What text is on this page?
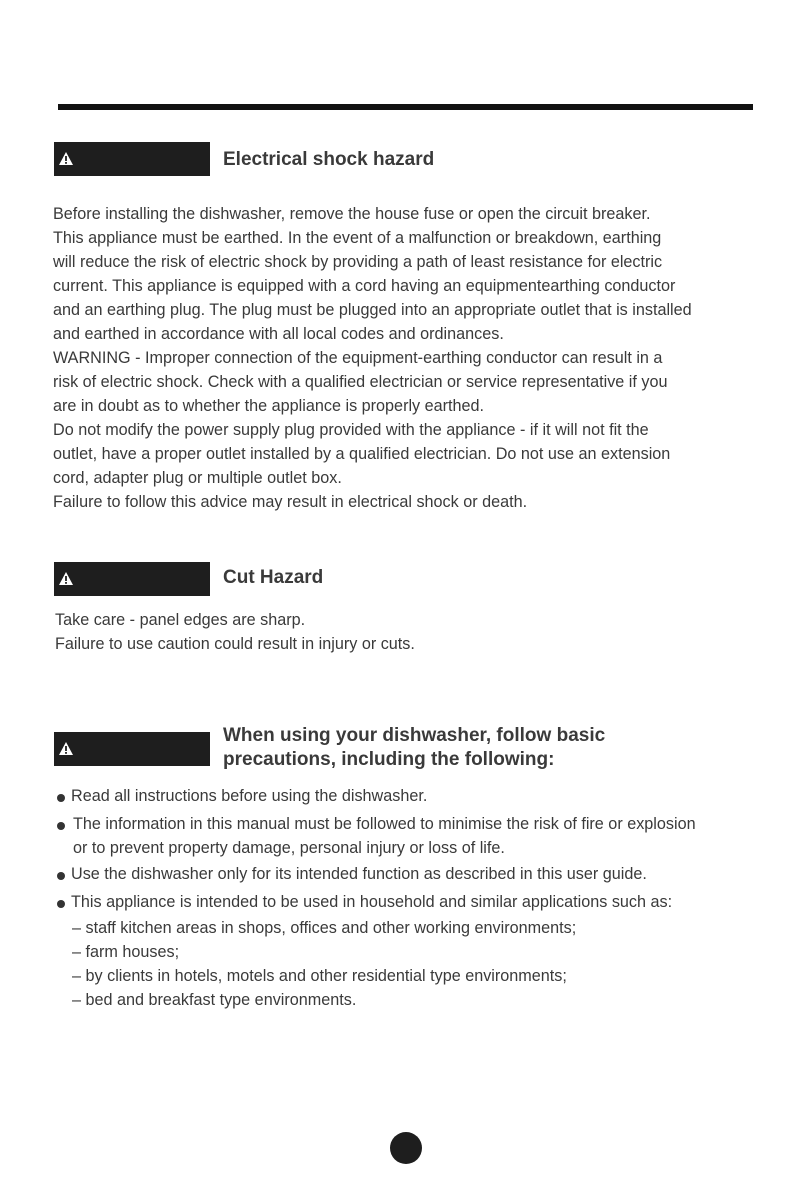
Electrical shock hazard
Before installing the dishwasher, remove the house fuse or open the circuit breaker.
This appliance must be earthed. In the event of a malfunction or breakdown, earthing
will reduce the risk of electric shock by providing a path of least resistance for electric
current. This appliance is equipped with a cord having an equipmentearthing conductor
and an earthing plug. The plug must be plugged into an appropriate outlet that is installed
and earthed in accordance with all local codes and ordinances.
WARNING - Improper connection of the equipment-earthing conductor can result in a
risk of electric shock. Check with a qualified electrician or service representative if you
are in doubt as to whether the appliance is properly earthed.
Do not modify the power supply plug provided with the appliance - if it will not fit the
outlet, have a proper outlet installed by a qualified electrician. Do not use an extension
cord, adapter plug or multiple outlet box.
Failure to follow this advice may result in electrical shock or death.
Cut Hazard
Take care - panel edges are sharp.
Failure to use caution could result in injury or cuts.
When using your dishwasher, follow basic
precautions, including the following:
Read all instructions before using the dishwasher.
The information in this manual must be followed to minimise the risk of fire or explosion
or to prevent property damage, personal injury or loss of life.
Use the dishwasher only for its intended function as described in this user guide.
This appliance is intended to be used in household and similar applications such as:
– staff kitchen areas in shops, offices and other working environments;
– farm houses;
– by clients in hotels, motels and other residential type environments;
– bed and breakfast type environments.
